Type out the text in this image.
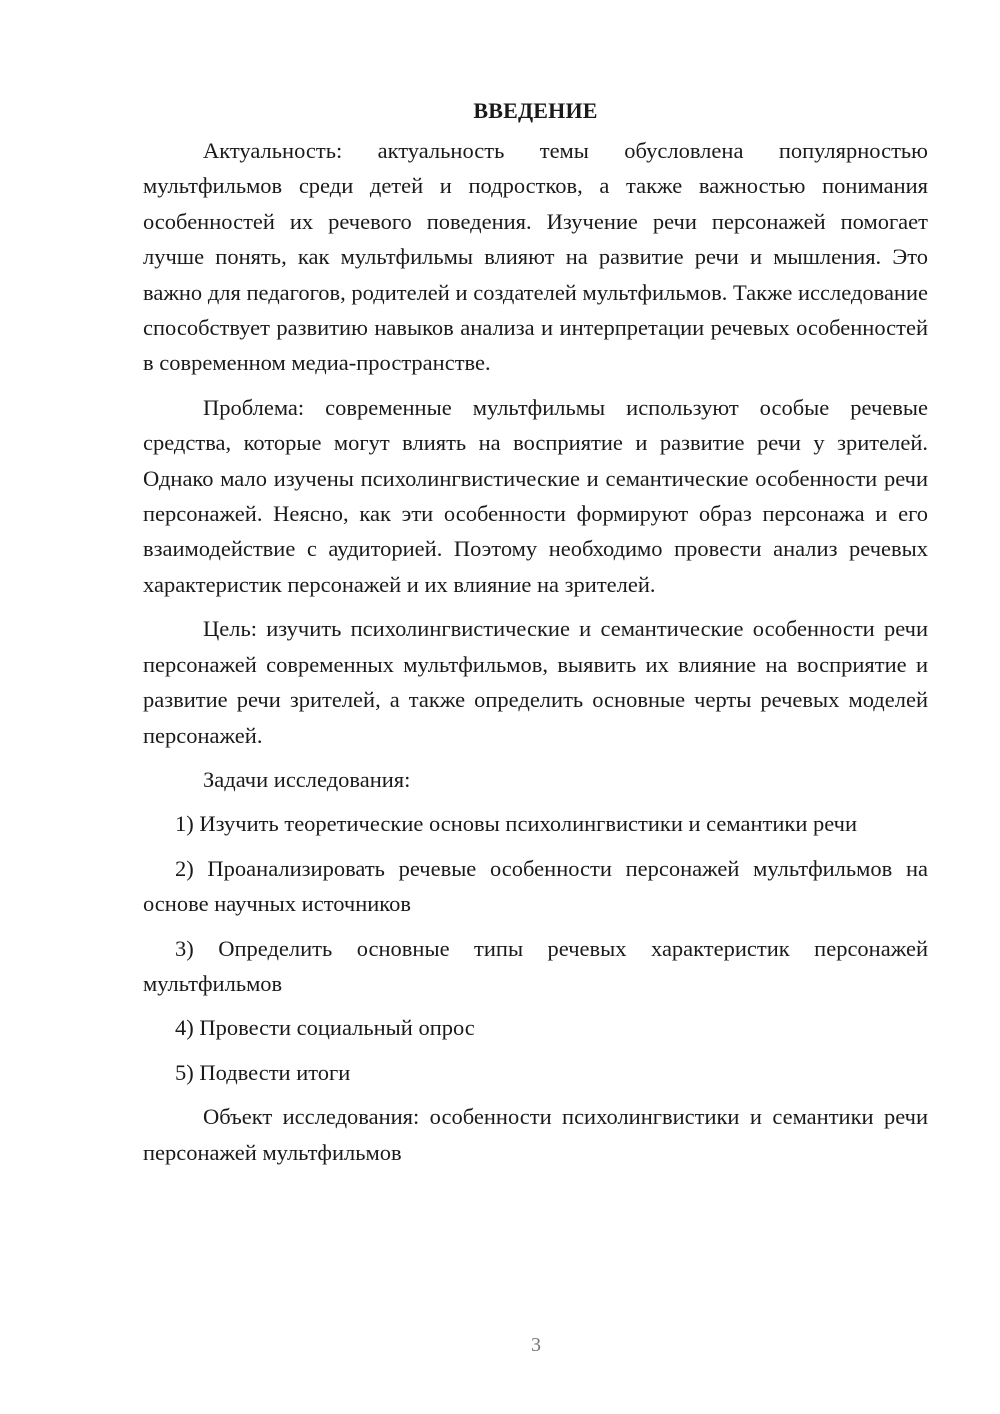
ВВЕДЕНИЕ

Актуальность: актуальность темы обусловлена популярностью мультфильмов среди детей и подростков, а также важностью понимания особенностей их речевого поведения. Изучение речи персонажей помогает лучше понять, как мультфильмы влияют на развитие речи и мышления. Это важно для педагогов, родителей и создателей мультфильмов. Также исследование способствует развитию навыков анализа и интерпретации речевых особенностей в современном медиа-пространстве.

Проблема: современные мультфильмы используют особые речевые средства, которые могут влиять на восприятие и развитие речи у зрителей. Однако мало изучены психолингвистические и семантические особенности речи персонажей. Неясно, как эти особенности формируют образ персонажа и его взаимодействие с аудиторией. Поэтому необходимо провести анализ речевых характеристик персонажей и их влияние на зрителей.

Цель: изучить психолингвистические и семантические особенности речи персонажей современных мультфильмов, выявить их влияние на восприятие и развитие речи зрителей, а также определить основные черты речевых моделей персонажей.

Задачи исследования:

1) Изучить теоретические основы психолингвистики и семантики речи

2) Проанализировать речевые особенности персонажей мультфильмов на основе научных источников

3) Определить основные типы речевых характеристик персонажей мультфильмов

4) Провести социальный опрос

5) Подвести итоги

Объект исследования: особенности психолингвистики и семантики речи персонажей мультфильмов

3
